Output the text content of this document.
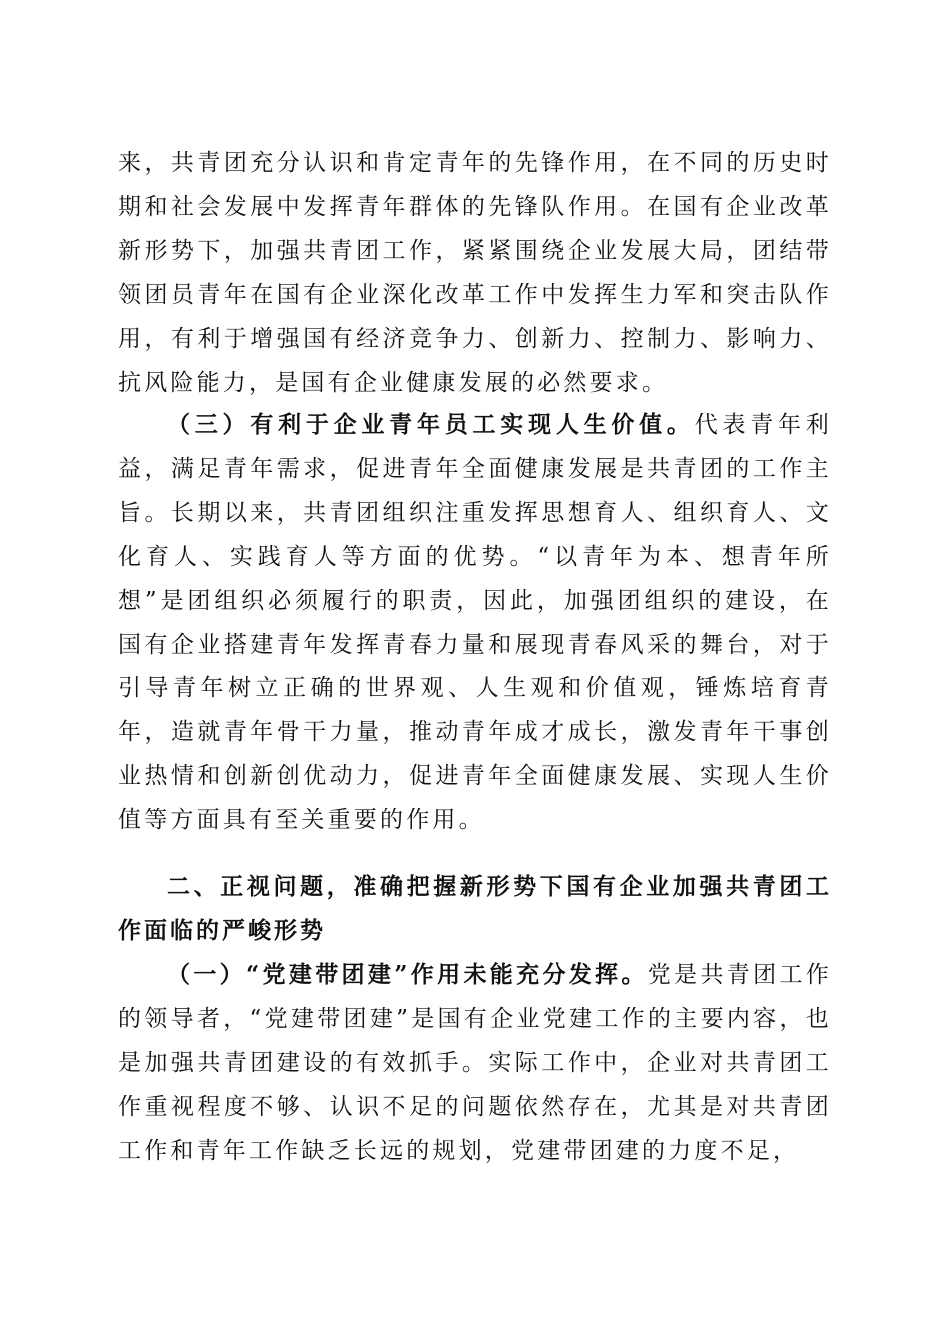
来，共青团充分认识和肯定青年的先锋作用，在不同的历史时期和社会发展中发挥青年群体的先锋队作用。在国有企业改革新形势下，加强共青团工作，紧紧围绕企业发展大局，团结带领团员青年在国有企业深化改革工作中发挥生力军和突击队作用，有利于增强国有经济竞争力、创新力、控制力、影响力、抗风险能力，是国有企业健康发展的必然要求。

（三）有利于企业青年员工实现人生价值。代表青年利益，满足青年需求，促进青年全面健康发展是共青团的工作主旨。长期以来，共青团组织注重发挥思想育人、组织育人、文化育人、实践育人等方面的优势。“以青年为本、想青年所想”是团组织必须履行的职责，因此，加强团组织的建设，在国有企业搭建青年发挥青春力量和展现青春风采的舞台，对于引导青年树立正确的世界观、人生观和价值观，锤炼培育青年，造就青年骨干力量，推动青年成才成长，激发青年干事创业热情和创新创优动力，促进青年全面健康发展、实现人生价值等方面具有至关重要的作用。

二、正视问题，准确把握新形势下国有企业加强共青团工作面临的严峻形势

（一）“党建带团建”作用未能充分发挥。党是共青团工作的领导者，“党建带团建”是国有企业党建工作的主要内容，也是加强共青团建设的有效抓手。实际工作中，企业对共青团工作重视程度不够、认识不足的问题依然存在，尤其是对共青团工作和青年工作缺乏长远的规划，党建带团建的力度不足，
